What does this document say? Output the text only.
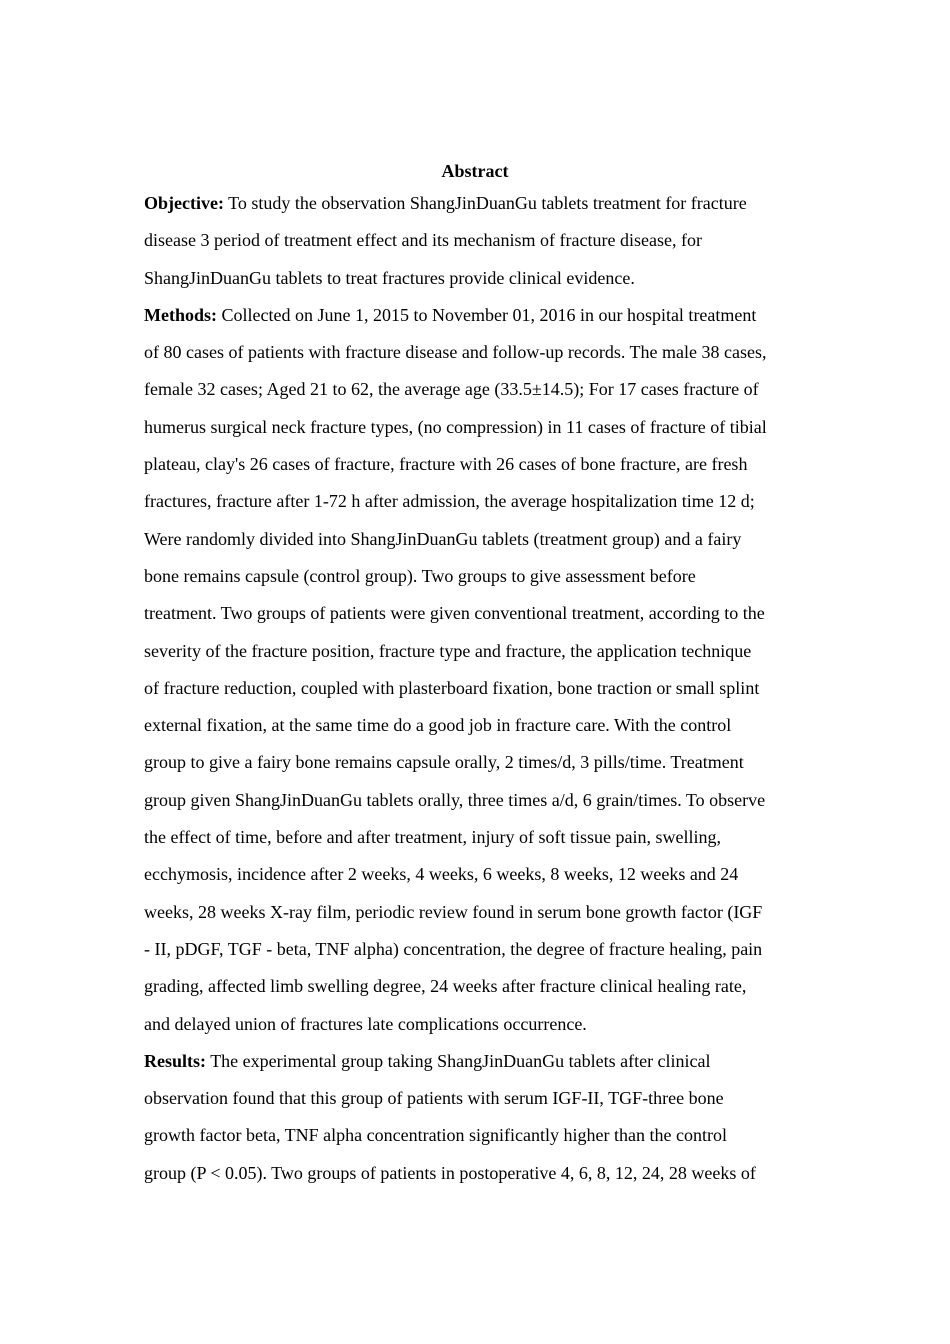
Abstract
Objective: To study the observation ShangJinDuanGu tablets treatment for fracture
disease 3 period of treatment effect and its mechanism of fracture disease, for
ShangJinDuanGu tablets to treat fractures provide clinical evidence.
Methods: Collected on June 1, 2015 to November 01, 2016 in our hospital treatment
of 80 cases of patients with fracture disease and follow-up records. The male 38 cases,
female 32 cases; Aged 21 to 62, the average age (33.5±14.5); For 17 cases fracture of
humerus surgical neck fracture types, (no compression) in 11 cases of fracture of tibial
plateau, clay's 26 cases of fracture, fracture with 26 cases of bone fracture, are fresh
fractures, fracture after 1-72 h after admission, the average hospitalization time 12 d;
Were randomly divided into ShangJinDuanGu tablets (treatment group) and a fairy
bone remains capsule (control group). Two groups to give assessment before
treatment. Two groups of patients were given conventional treatment, according to the
severity of the fracture position, fracture type and fracture, the application technique
of fracture reduction, coupled with plasterboard fixation, bone traction or small splint
external fixation, at the same time do a good job in fracture care. With the control
group to give a fairy bone remains capsule orally, 2 times/d, 3 pills/time. Treatment
group given ShangJinDuanGu tablets orally, three times a/d, 6 grain/times. To observe
the effect of time, before and after treatment, injury of soft tissue pain, swelling,
ecchymosis, incidence after 2 weeks, 4 weeks, 6 weeks, 8 weeks, 12 weeks and 24
weeks, 28 weeks X-ray film, periodic review found in serum bone growth factor (IGF
- II, pDGF, TGF - beta, TNF alpha) concentration, the degree of fracture healing, pain
grading, affected limb swelling degree, 24 weeks after fracture clinical healing rate,
and delayed union of fractures late complications occurrence.
Results: The experimental group taking ShangJinDuanGu tablets after clinical
observation found that this group of patients with serum IGF-II, TGF-three bone
growth factor beta, TNF alpha concentration significantly higher than the control
group (P < 0.05). Two groups of patients in postoperative 4, 6, 8, 12, 24, 28 weeks of
